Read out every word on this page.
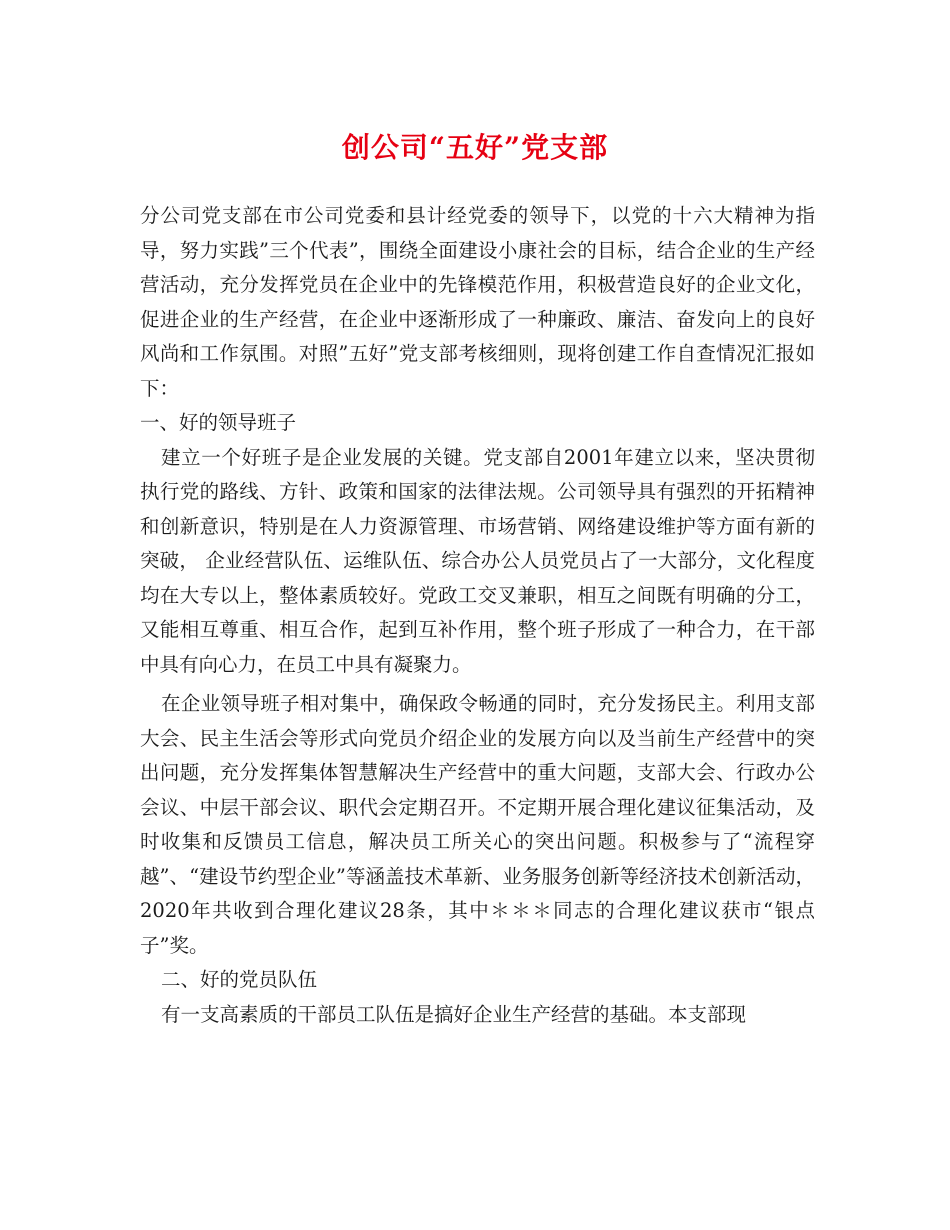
创公司“五好”党支部

分公司党支部在市公司党委和县计经党委的领导下，以党的十六大精神为指导，努力实践”三个代表”，围绕全面建设小康社会的目标，结合企业的生产经营活动，充分发挥党员在企业中的先锋模范作用，积极营造良好的企业文化，促进企业的生产经营，在企业中逐渐形成了一种廉政、廉洁、奋发向上的良好风尚和工作氛围。对照”五好”党支部考核细则，现将创建工作自查情况汇报如下：

一、好的领导班子

建立一个好班子是企业发展的关键。党支部自2001年建立以来，坚决贯彻执行党的路线、方针、政策和国家的法律法规。公司领导具有强烈的开拓精神和创新意识，特别是在人力资源管理、市场营销、网络建设维护等方面有新的突破， 企业经营队伍、运维队伍、综合办公人员党员占了一大部分，文化程度均在大专以上，整体素质较好。党政工交叉兼职，相互之间既有明确的分工，又能相互尊重、相互合作，起到互补作用，整个班子形成了一种合力，在干部中具有向心力，在员工中具有凝聚力。

在企业领导班子相对集中，确保政令畅通的同时，充分发扬民主。利用支部大会、民主生活会等形式向党员介绍企业的发展方向以及当前生产经营中的突出问题，充分发挥集体智慧解决生产经营中的重大问题，支部大会、行政办公会议、中层干部会议、职代会定期召开。不定期开展合理化建议征集活动，及时收集和反馈员工信息，解决员工所关心的突出问题。积极参与了“流程穿越”、“建设节约型企业”等涵盖技术革新、业务服务创新等经济技术创新活动，2020年共收到合理化建议28条，其中＊＊＊同志的合理化建议获市“银点子”奖。

二、好的党员队伍

有一支高素质的干部员工队伍是搞好企业生产经营的基础。本支部现
